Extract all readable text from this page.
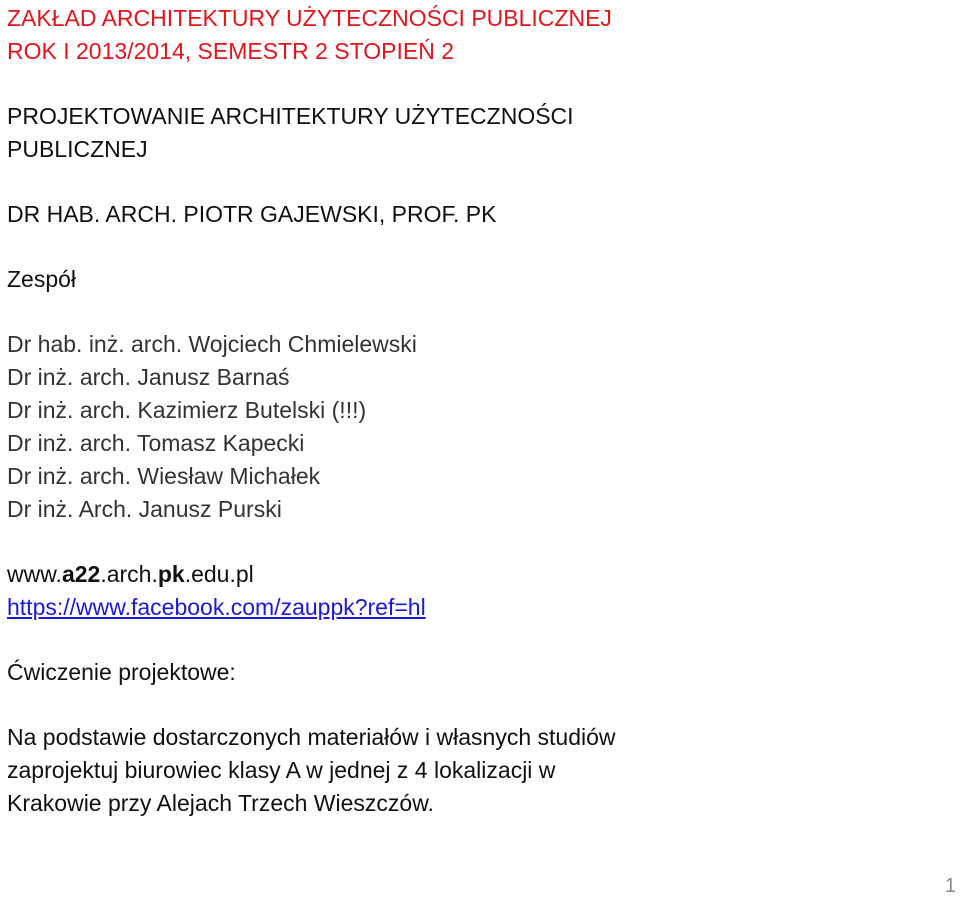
ZAKŁAD ARCHITEKTURY UŻYTECZNOŚCI PUBLICZNEJ
ROK I 2013/2014, SEMESTR 2 STOPIEŃ 2
PROJEKTOWANIE ARCHITEKTURY UŻYTECZNOŚCI
PUBLICZNEJ
DR HAB. ARCH. PIOTR GAJEWSKI, PROF. PK
Zespół
Dr hab. inż. arch. Wojciech Chmielewski
Dr inż. arch. Janusz Barnaś
Dr inż. arch. Kazimierz Butelski (!!!)
Dr inż. arch. Tomasz Kapecki
Dr inż. arch. Wiesław Michałek
Dr inż. Arch. Janusz Purski
www.a22.arch.pk.edu.pl
https://www.facebook.com/zauppk?ref=hl
Ćwiczenie projektowe:
Na podstawie dostarczonych materiałów i własnych studiów
zaprojektuj biurowiec klasy A w jednej z 4 lokalizacji w
Krakowie przy Alejach Trzech Wieszczów.
1
